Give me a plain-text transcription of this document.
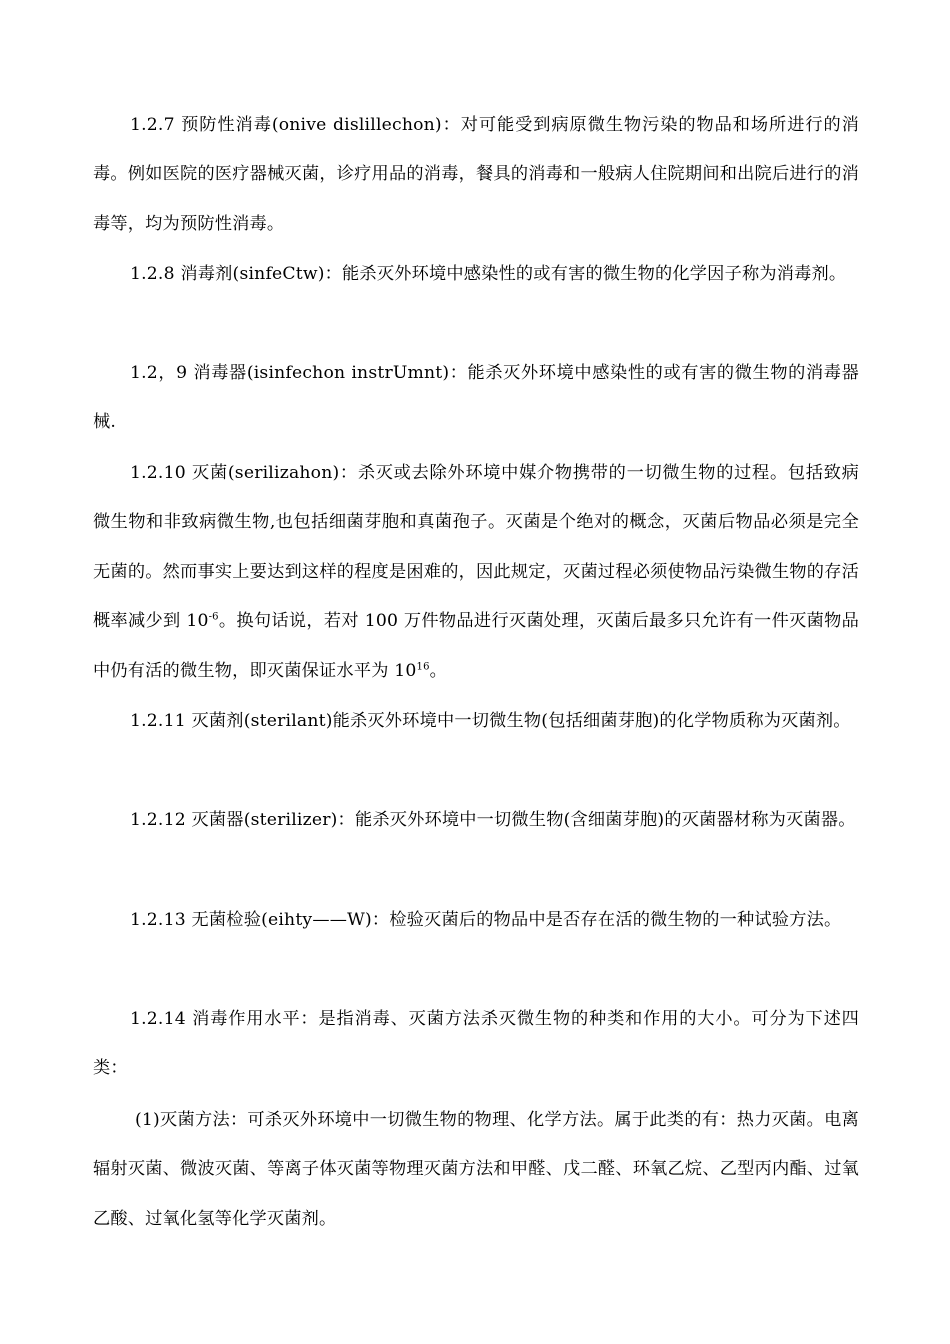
1.2.7 预防性消毒(onive dislillechon)：对可能受到病原微生物污染的物品和场所进行的消毒。例如医院的医疗器械灭菌，诊疗用品的消毒，餐具的消毒和一般病人住院期间和出院后进行的消毒等，均为预防性消毒。

1.2.8 消毒剂(sinfeCtw)：能杀灭外环境中感染性的或有害的微生物的化学因子称为消毒剂。

1.2，9 消毒器(isinfechon instrUmnt)：能杀灭外环境中感染性的或有害的微生物的消毒器械.

1.2.10 灭菌(serilizahon)：杀灭或去除外环境中媒介物携带的一切微生物的过程。包括致病微生物和非致病微生物,也包括细菌芽胞和真菌孢子。灭菌是个绝对的概念，灭菌后物品必须是完全无菌的。然而事实上要达到这样的程度是困难的，因此规定，灭菌过程必须使物品污染微生物的存活概率减少到 $10^{-6}$。换句话说，若对 100 万件物品进行灭菌处理，灭菌后最多只允许有一件灭菌物品中仍有活的微生物，即灭菌保证水平为 $10^{16}$。

1.2.11 灭菌剂(sterilant)能杀灭外环境中一切微生物(包括细菌芽胞)的化学物质称为灭菌剂。

1.2.12 灭菌器(sterilizer)：能杀灭外环境中一切微生物(含细菌芽胞)的灭菌器材称为灭菌器。

1.2.13 无菌检验(eihty——W)：检验灭菌后的物品中是否存在活的微生物的一种试验方法。

1.2.14 消毒作用水平：是指消毒、灭菌方法杀灭微生物的种类和作用的大小。可分为下述四类：

(1)灭菌方法：可杀灭外环境中一切微生物的物理、化学方法。属于此类的有：热力灭菌。电离辐射灭菌、微波灭菌、等离子体灭菌等物理灭菌方法和甲醛、戊二醛、环氧乙烷、乙型丙内酯、过氧乙酸、过氧化氢等化学灭菌剂。
